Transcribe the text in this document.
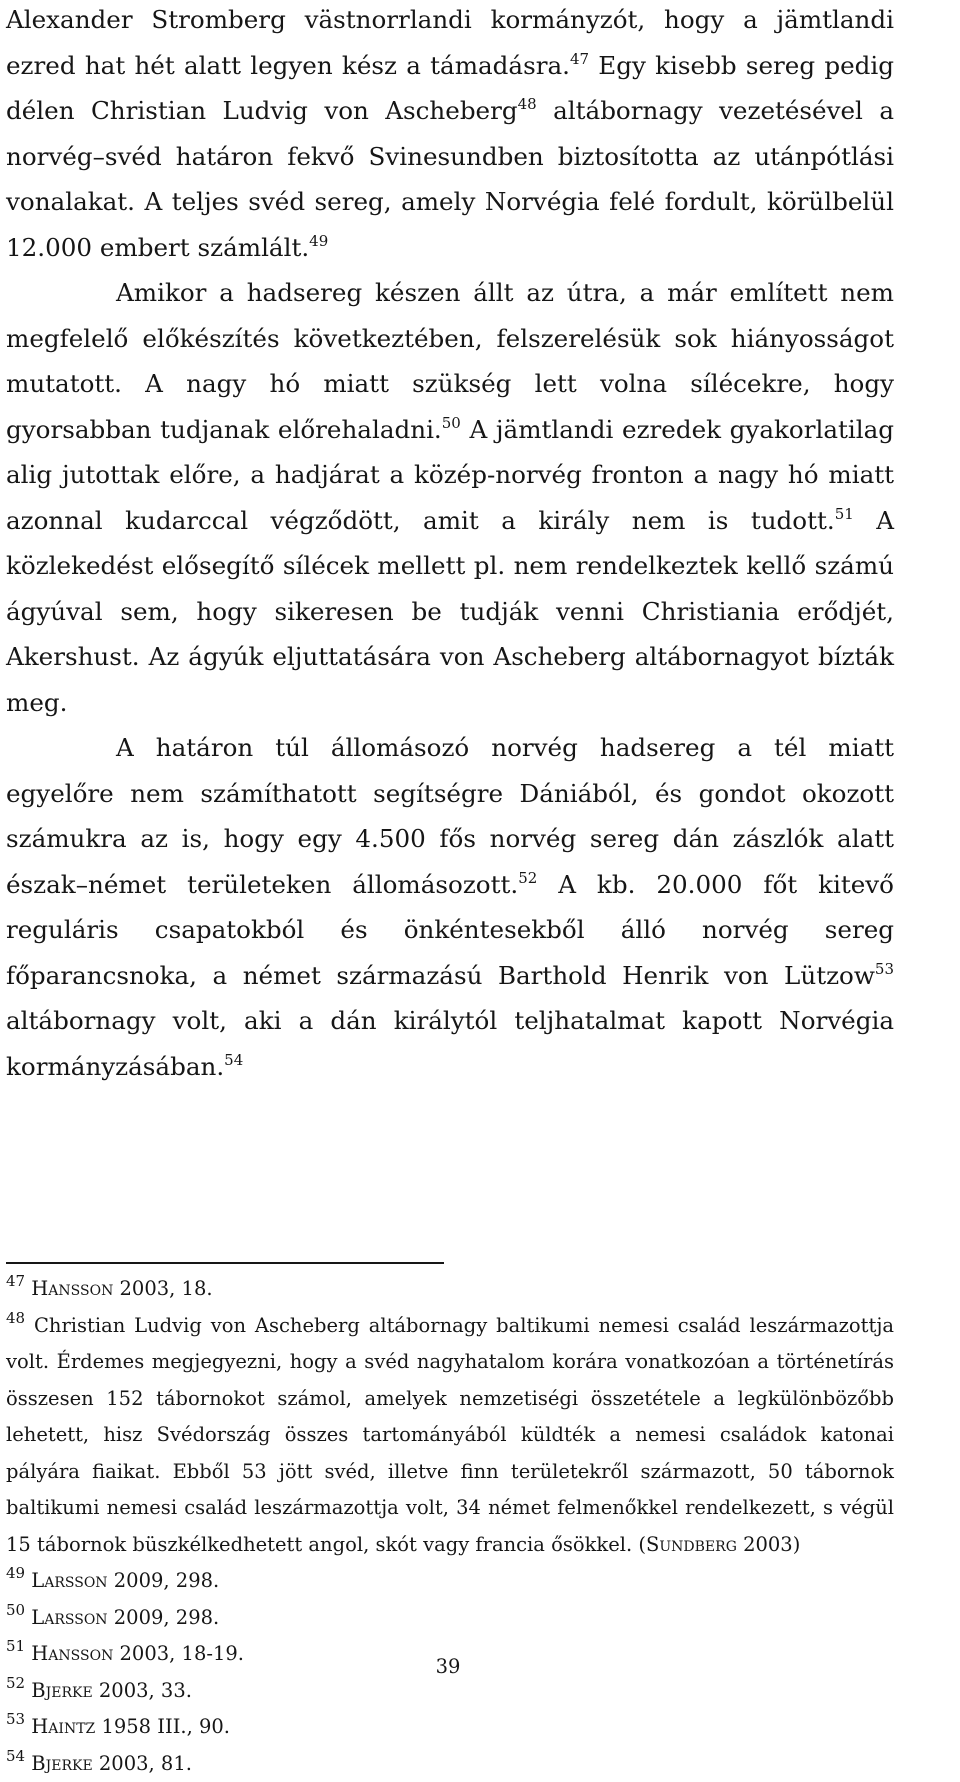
Alexander Stromberg västnorrlandi kormányzót, hogy a jämtlandi ezred hat hét alatt legyen kész a támadásra.$^{47}$ Egy kisebb sereg pedig délen Christian Ludvig von Ascheberg$^{48}$ altábornagy vezetésével a norvég–svéd határon fekvő Svinesundben biztosította az utánpótlási vonalakat. A teljes svéd sereg, amely Norvégia felé fordult, körülbelül 12.000 embert számlált.$^{49}$

Amikor a hadsereg készen állt az útra, a már említett nem megfelelő előkészítés következtében, felszerelésük sok hiányosságot mutatott. A nagy hó miatt szükség lett volna sílécekre, hogy gyorsabban tudjanak előrehaladni.$^{50}$ A jämtlandi ezredek gyakorlatilag alig jutottak előre, a hadjárat a közép-norvég fronton a nagy hó miatt azonnal kudarccal végződött, amit a király nem is tudott.$^{51}$ A közlekedést elősegítő sílécek mellett pl. nem rendelkeztek kellő számú ágyúval sem, hogy sikeresen be tudják venni Christiania erődjét, Akershust. Az ágyúk eljuttatására von Ascheberg altábornagyot bízták meg.

A határon túl állomásozó norvég hadsereg a tél miatt egyelőre nem számíthatott segítségre Dániából, és gondot okozott számukra az is, hogy egy 4.500 fős norvég sereg dán zászlók alatt észak–német területeken állomásozott.$^{52}$ A kb. 20.000 főt kitevő reguláris csapatokból és önkéntesekből álló norvég sereg főparancsnoka, a német származású Barthold Henrik von Lützow$^{53}$ altábornagy volt, aki a dán királytól teljhatalmat kapott Norvégia kormányzásában.$^{54}$

$^{47}$ Hansson 2003, 18.

$^{48}$ Christian Ludvig von Ascheberg altábornagy baltikumi nemesi család leszármazottja volt. Érdemes megjegyezni, hogy a svéd nagyhatalom korára vonatkozóan a történetírás összesen 152 tábornokot számol, amelyek nemzetiségi összetétele a legkülönbözőbb lehetett, hisz Svédország összes tartományából küldték a nemesi családok katonai pályára fiaikat. Ebből 53 jött svéd, illetve finn területekről származott, 50 tábornok baltikumi nemesi család leszármazottja volt, 34 német felmenőkkel rendelkezett, s végül 15 tábornok büszkélkedhetett angol, skót vagy francia ősökkel. (Sundberg 2003)

$^{49}$ Larsson 2009, 298.

$^{50}$ Larsson 2009, 298.

$^{51}$ Hansson 2003, 18-19.

$^{52}$ Bjerke 2003, 33.

$^{53}$ Haintz 1958 III., 90.

$^{54}$ Bjerke 2003, 81.

39
